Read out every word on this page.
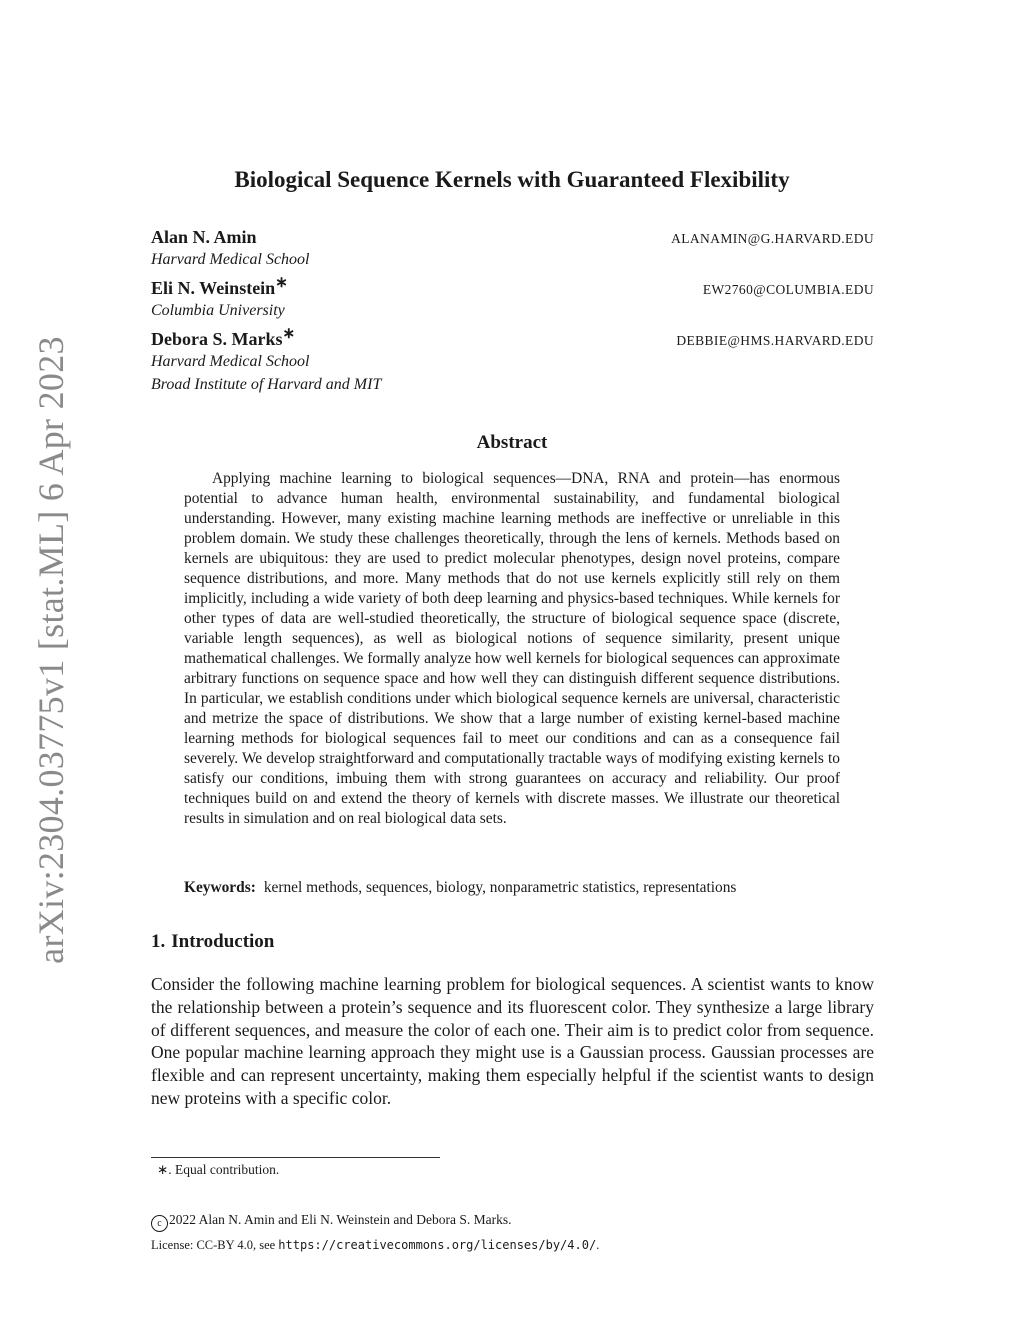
arXiv:2304.03775v1 [stat.ML] 6 Apr 2023
Biological Sequence Kernels with Guaranteed Flexibility
Alan N. Amin	ALANAMIN@G.HARVARD.EDU
Harvard Medical School
Eli N. Weinstein∗	EW2760@COLUMBIA.EDU
Columbia University
Debora S. Marks∗	DEBBIE@HMS.HARVARD.EDU
Harvard Medical School
Broad Institute of Harvard and MIT
Abstract

Applying machine learning to biological sequences—DNA, RNA and protein—has enormous potential to advance human health, environmental sustainability, and fundamental biological understanding. However, many existing machine learning methods are ineffective or unreliable in this problem domain. We study these challenges theoretically, through the lens of kernels. Methods based on kernels are ubiquitous: they are used to predict molecular phenotypes, design novel proteins, compare sequence distributions, and more. Many methods that do not use kernels explicitly still rely on them implicitly, including a wide variety of both deep learning and physics-based techniques. While kernels for other types of data are well-studied theoretically, the structure of biological sequence space (discrete, variable length sequences), as well as biological notions of sequence similarity, present unique mathematical challenges. We formally analyze how well kernels for biological sequences can approximate arbitrary functions on sequence space and how well they can distinguish different sequence distributions. In particular, we establish conditions under which biological sequence kernels are universal, characteristic and metrize the space of distributions. We show that a large number of existing kernel-based machine learning methods for biological sequences fail to meet our conditions and can as a consequence fail severely. We develop straightforward and computationally tractable ways of modifying existing kernels to satisfy our conditions, imbuing them with strong guarantees on accuracy and reliability. Our proof techniques build on and extend the theory of kernels with discrete masses. We illustrate our theoretical results in simulation and on real biological data sets.

Keywords: kernel methods, sequences, biology, nonparametric statistics, representations

1. Introduction

Consider the following machine learning problem for biological sequences. A scientist wants to know the relationship between a protein’s sequence and its fluorescent color. They synthesize a large library of different sequences, and measure the color of each one. Their aim is to predict color from sequence. One popular machine learning approach they might use is a Gaussian process. Gaussian processes are flexible and can represent uncertainty, making them especially helpful if the scientist wants to design new proteins with a specific color.

∗. Equal contribution.
c 2022 Alan N. Amin and Eli N. Weinstein and Debora S. Marks.
License: CC-BY 4.0, see https://creativecommons.org/licenses/by/4.0/.
